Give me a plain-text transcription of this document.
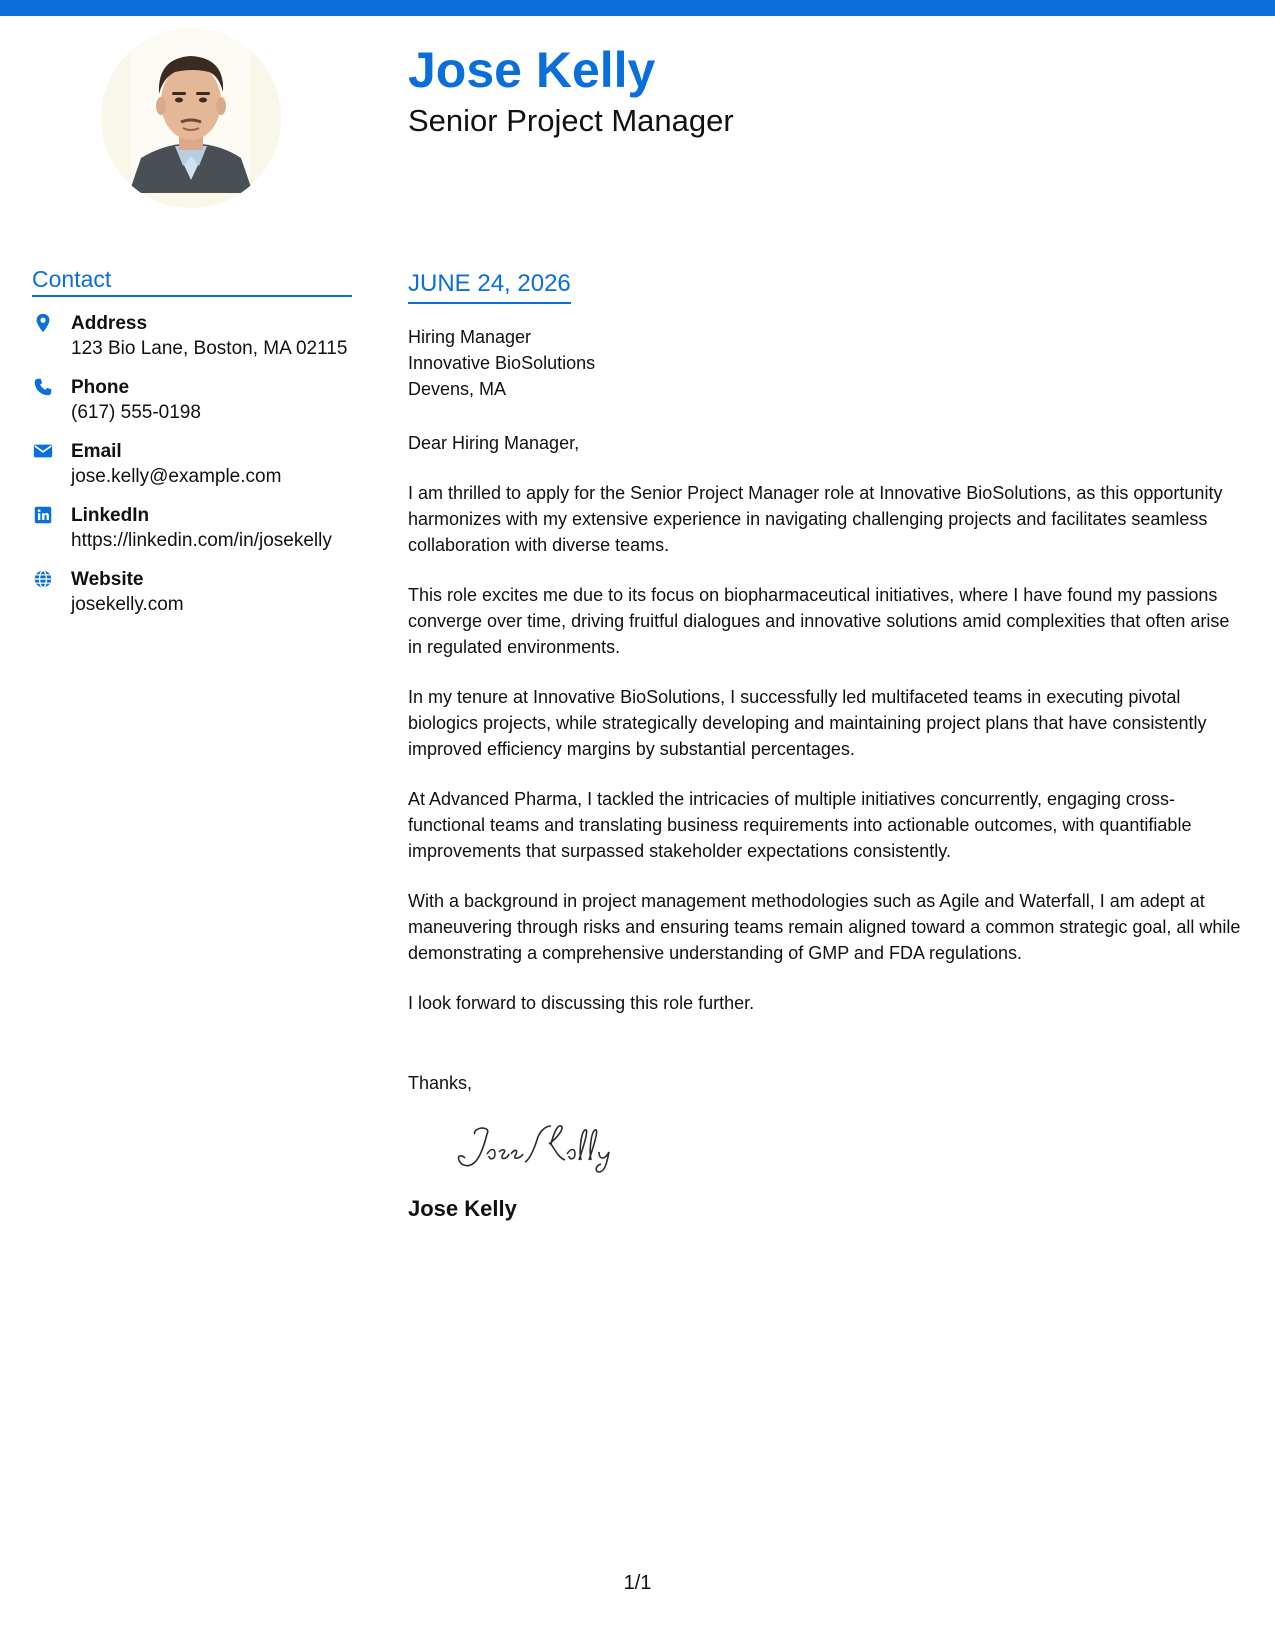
Jose Kelly
Senior Project Manager
Contact
Address
123 Bio Lane, Boston, MA 02115
Phone
(617) 555-0198
Email
jose.kelly@example.com
LinkedIn
https://linkedin.com/in/josekelly
Website
josekelly.com
JUNE 24, 2026
Hiring Manager
Innovative BioSolutions
Devens, MA
Dear Hiring Manager,

I am thrilled to apply for the Senior Project Manager role at Innovative BioSolutions, as this opportunity harmonizes with my extensive experience in navigating challenging projects and facilitates seamless collaboration with diverse teams.

This role excites me due to its focus on biopharmaceutical initiatives, where I have found my passions converge over time, driving fruitful dialogues and innovative solutions amid complexities that often arise in regulated environments.

In my tenure at Innovative BioSolutions, I successfully led multifaceted teams in executing pivotal biologics projects, while strategically developing and maintaining project plans that have consistently improved efficiency margins by substantial percentages.

At Advanced Pharma, I tackled the intricacies of multiple initiatives concurrently, engaging cross-functional teams and translating business requirements into actionable outcomes, with quantifiable improvements that surpassed stakeholder expectations consistently.

With a background in project management methodologies such as Agile and Waterfall, I am adept at maneuvering through risks and ensuring teams remain aligned toward a common strategic goal, all while demonstrating a comprehensive understanding of GMP and FDA regulations.

I look forward to discussing this role further.
Thanks,
Jose Kelly
1/1
